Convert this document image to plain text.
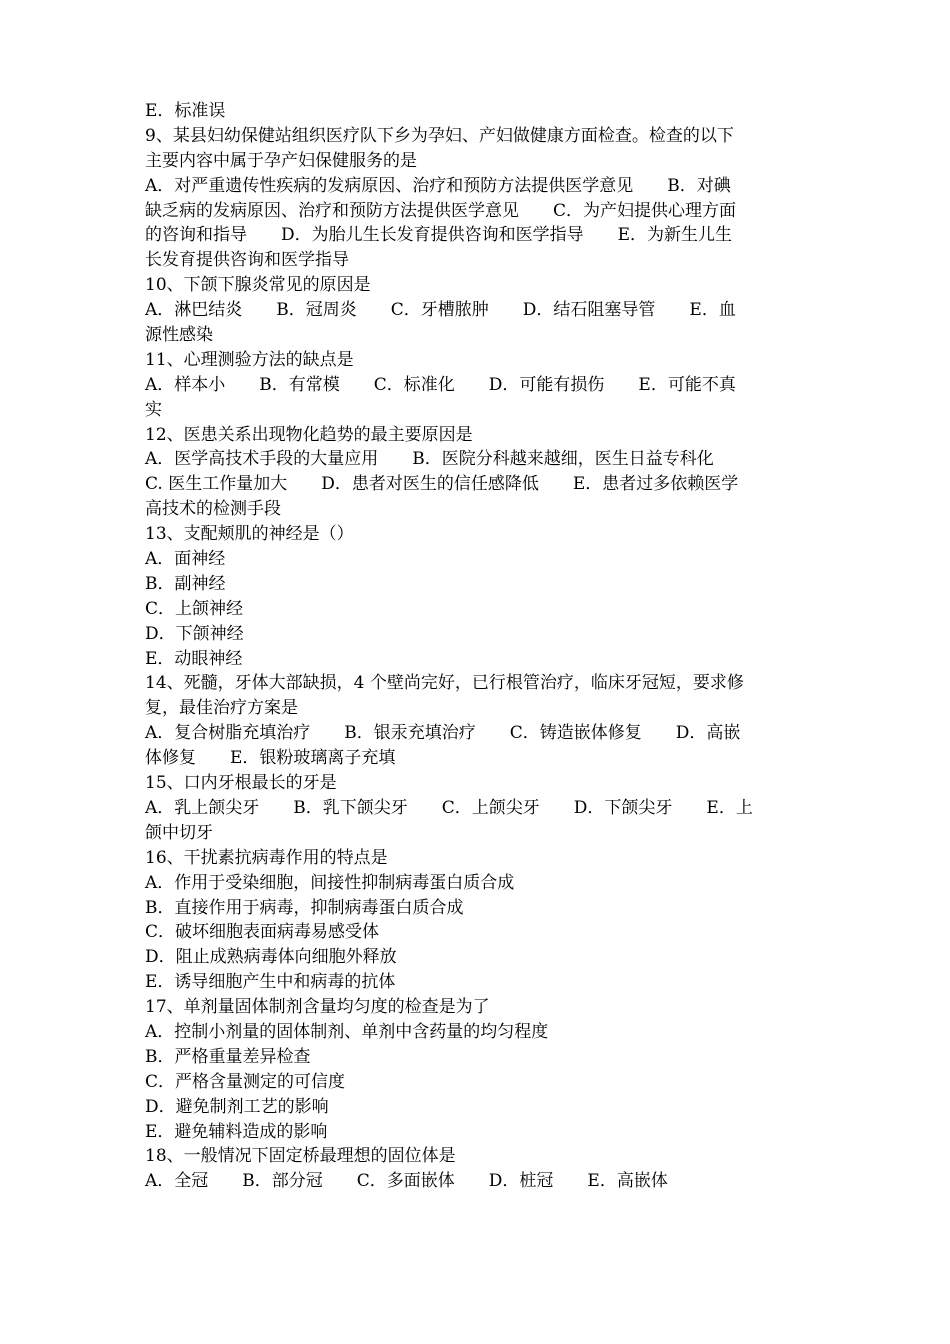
E．标准误
9、某县妇幼保健站组织医疗队下乡为孕妇、产妇做健康方面检查。检查的以下
主要内容中属于孕产妇保健服务的是
A．对严重遗传性疾病的发病原因、治疗和预防方法提供医学意见　　B．对碘
缺乏病的发病原因、治疗和预防方法提供医学意见　　C．为产妇提供心理方面
的咨询和指导　　D．为胎儿生长发育提供咨询和医学指导　　E．为新生儿生
长发育提供咨询和医学指导
10、下颌下腺炎常见的原因是
A．淋巴结炎　　B．冠周炎　　C．牙槽脓肿　　D．结石阻塞导管　　E．血
源性感染
11、心理测验方法的缺点是
A．样本小　　B．有常模　　C．标准化　　D．可能有损伤　　E．可能不真
实
12、医患关系出现物化趋势的最主要原因是
A．医学高技术手段的大量应用　　B．医院分科越来越细，医生日益专科化
C. 医生工作量加大　　D．患者对医生的信任感降低　　E．患者过多依赖医学
高技术的检测手段
13、支配颊肌的神经是（）
A．面神经
B．副神经
C．上颌神经
D．下颌神经
E．动眼神经
14、死髓，牙体大部缺损，4 个壁尚完好，已行根管治疗，临床牙冠短，要求修
复，最佳治疗方案是
A．复合树脂充填治疗　　B．银汞充填治疗　　C．铸造嵌体修复　　D．高嵌
体修复　　E．银粉玻璃离子充填
15、口内牙根最长的牙是
A．乳上颌尖牙　　B．乳下颌尖牙　　C．上颌尖牙　　D．下颌尖牙　　E．上
颌中切牙
16、干扰素抗病毒作用的特点是
A．作用于受染细胞，间接性抑制病毒蛋白质合成
B．直接作用于病毒，抑制病毒蛋白质合成
C．破坏细胞表面病毒易感受体
D．阻止成熟病毒体向细胞外释放
E．诱导细胞产生中和病毒的抗体
17、单剂量固体制剂含量均匀度的检查是为了
A．控制小剂量的固体制剂、单剂中含药量的均匀程度
B．严格重量差异检查
C．严格含量测定的可信度
D．避免制剂工艺的影响
E．避免辅料造成的影响
18、一般情况下固定桥最理想的固位体是
A．全冠　　B．部分冠　　C．多面嵌体　　D．桩冠　　E．高嵌体
